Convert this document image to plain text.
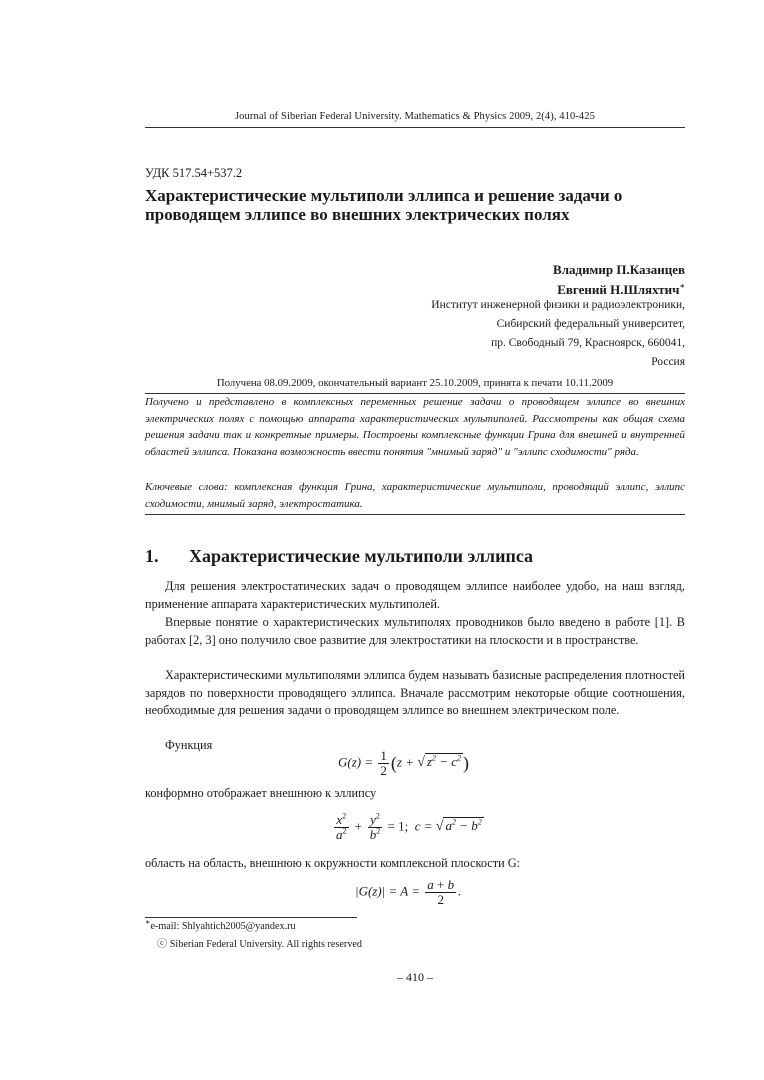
Journal of Siberian Federal University. Mathematics & Physics 2009, 2(4), 410-425
УДК 517.54+537.2
Характеристические мультиполи эллипса и решение задачи о проводящем эллипсе во внешних электрических полях
Владимир П.Казанцев
Евгений Н.Шляхтич∗
Институт инженерной физики и радиоэлектроники,
Сибирский федеральный университет,
пр. Свободный 79, Красноярск, 660041,
Россия
Получена 08.09.2009, окончательный вариант 25.10.2009, принята к печати 10.11.2009

Получено и представлено в комплексных переменных решение задачи о проводящем эллипсе во внешних электрических полях с помощью аппарата характеристических мультиполей. Рассмотрены как общая схема решения задачи так и конкретные примеры. Построены комплексные функции Грина для внешней и внутренней областей эллипса. Показана возможность ввести понятия "мнимый заряд" и "эллипс сходимости" ряда.

Ключевые слова: комплексная функция Грина, характеристические мультиполи, проводящий эллипс, эллипс сходимости, мнимый заряд, электростатика.

1. Характеристические мультиполи эллипса

Для решения электростатических задач о проводящем эллипсе наиболее удобо, на наш взгляд, применение аппарата характеристических мультиполей.

Впервые понятие о характеристических мультиполях проводников было введено в работе [1]. В работах [2, 3] оно получило свое развитие для электростатики на плоскости и в пространстве.

Характеристическими мультиполями эллипса будем называть базисные распределения плотностей зарядов по поверхности проводящего эллипса. Вначале рассмотрим некоторые общие соотношения, необходимые для решения задачи о проводящем эллипсе во внешнем электрическом поле.

Функция

$G(z) = \frac{1}{2} (z$ + √ $z^2 - c^2$ )

конформно отображает внешнюю к эллипсу

$\frac{x^2}{a^2} + \frac{y^2}{b^2} = 1$;  c = √ $a^2 - b^2$

область на область, внешнюю к окружности комплексной плоскости G:

$|G(z)| = A = \frac{a + b}{2}$ .
∗e-mail: Shlyahtich2005@yandex.ru
ⓒ Siberian Federal University. All rights reserved
– 410 –
